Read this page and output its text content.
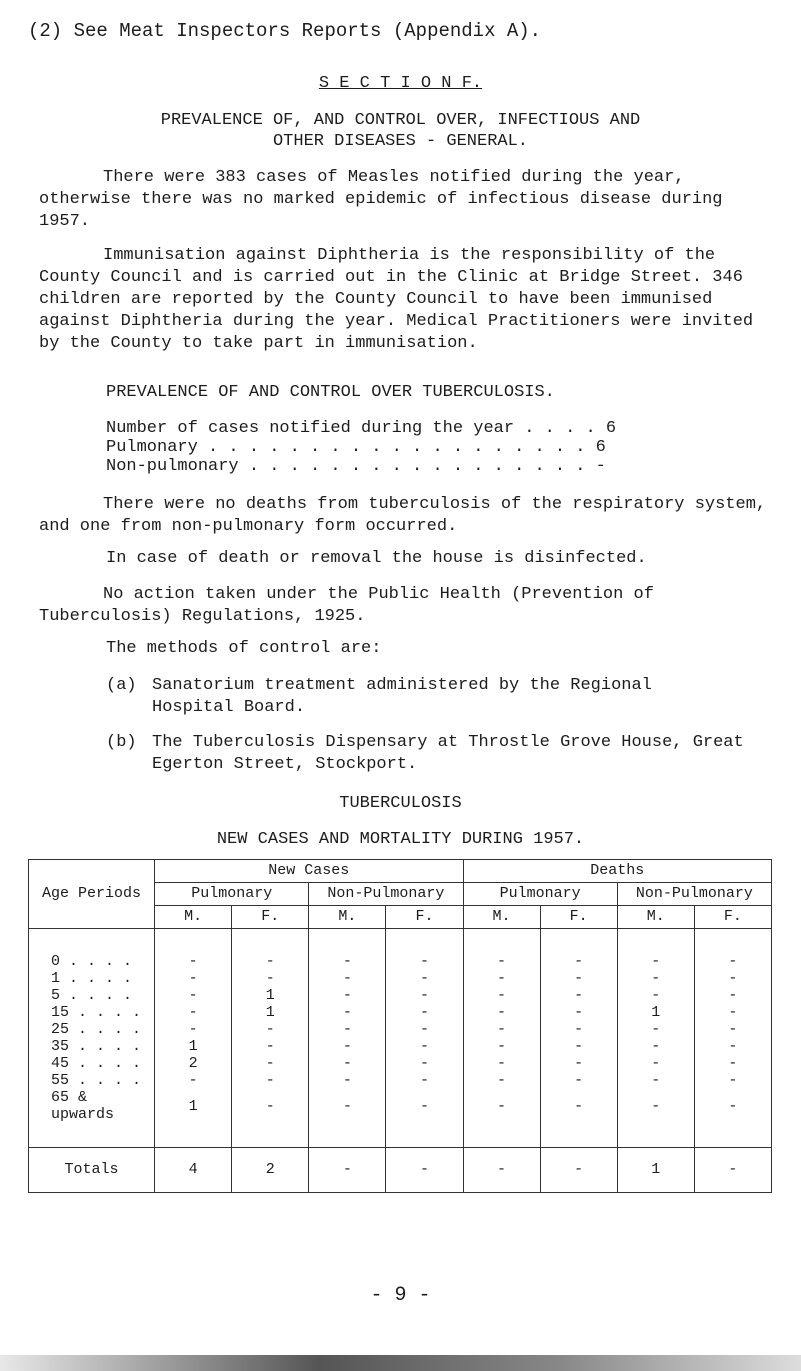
(2) See Meat Inspectors Reports (Appendix A).
S E C T I O N F.
PREVALENCE OF, AND CONTROL OVER, INFECTIOUS AND
OTHER DISEASES - GENERAL.
There were 383 cases of Measles notified during the year, otherwise there was no marked epidemic of infectious disease during 1957.
Immunisation against Diphtheria is the responsibility of the County Council and is carried out in the Clinic at Bridge Street. 346 children are reported by the County Council to have been immunised against Diphtheria during the year. Medical Practitioners were invited by the County to take part in immunisation.
PREVALENCE OF AND CONTROL OVER TUBERCULOSIS.
Number of cases notified during the year . . . . 6
Pulmonary . . . . . . . . . . . . . . . . . . . 6
Non-pulmonary . . . . . . . . . . . . . . . . . -
There were no deaths from tuberculosis of the respiratory system, and one from non-pulmonary form occurred.
In case of death or removal the house is disinfected.
No action taken under the Public Health (Prevention of Tuberculosis) Regulations, 1925.
The methods of control are:
(a) Sanatorium treatment administered by the Regional Hospital Board.
(b) The Tuberculosis Dispensary at Throstle Grove House, Great Egerton Street, Stockport.
TUBERCULOSIS
NEW CASES AND MORTALITY DURING 1957.
Age Periods	New Cases				Deaths			
	Pulmonary		Non-Pulmonary		Pulmonary		Non-Pulmonary	
	M.	F.	M.	F.	M.	F.	M.	F.

0 . . . .	-	-	-	-	-	-	-	-
1 . . . .	-	-	-	-	-	-	-	-
5 . . . .	-	1	-	-	-	-	-	-
15 . . . .	-	1	-	-	-	-	1	-
25 . . . .	-	-	-	-	-	-	-	-
35 . . . .	1	-	-	-	-	-	-	-
45 . . . .	2	-	-	-	-	-	-	-
55 . . . .	-	-	-	-	-	-	-	-
65 & upwards	1	-	-	-	-	-	-	-

Totals	4	2	-	-	-	-	1	-
- 9 -
